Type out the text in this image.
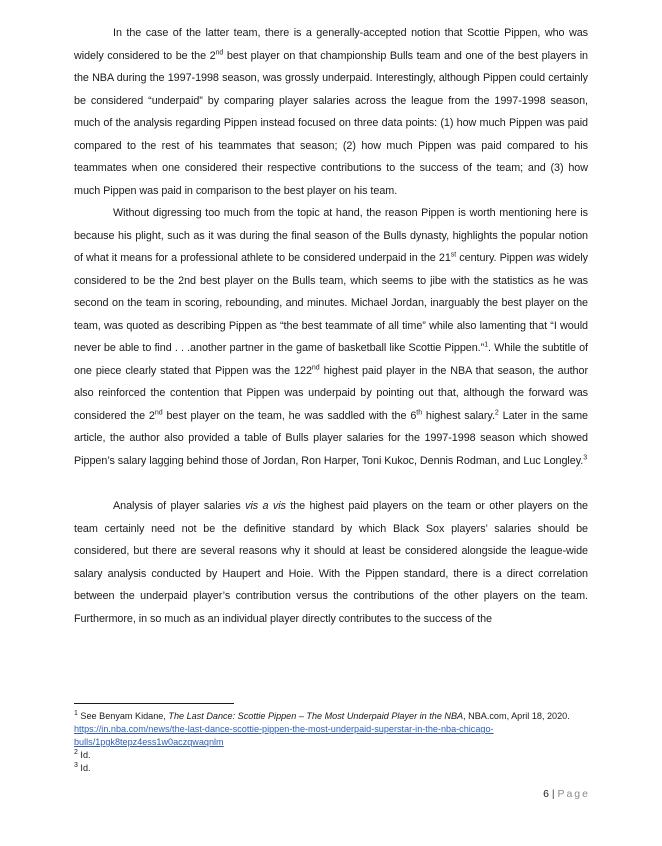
In the case of the latter team, there is a generally-accepted notion that Scottie Pippen, who was widely considered to be the 2nd best player on that championship Bulls team and one of the best players in the NBA during the 1997-1998 season, was grossly underpaid. Interestingly, although Pippen could certainly be considered “underpaid” by comparing player salaries across the league from the 1997-1998 season, much of the analysis regarding Pippen instead focused on three data points: (1) how much Pippen was paid compared to the rest of his teammates that season; (2) how much Pippen was paid compared to his teammates when one considered their respective contributions to the success of the team; and (3) how much Pippen was paid in comparison to the best player on his team.

Without digressing too much from the topic at hand, the reason Pippen is worth mentioning here is because his plight, such as it was during the final season of the Bulls dynasty, highlights the popular notion of what it means for a professional athlete to be considered underpaid in the 21st century. Pippen was widely considered to be the 2nd best player on the Bulls team, which seems to jibe with the statistics as he was second on the team in scoring, rebounding, and minutes. Michael Jordan, inarguably the best player on the team, was quoted as describing Pippen as “the best teammate of all time” while also lamenting that “I would never be able to find . . .another partner in the game of basketball like Scottie Pippen.”$^1$. While the subtitle of one piece clearly stated that Pippen was the 122nd highest paid player in the NBA that season, the author also reinforced the contention that Pippen was underpaid by pointing out that, although the forward was considered the 2nd best player on the team, he was saddled with the 6th highest salary.$^2$ Later in the same article, the author also provided a table of Bulls player salaries for the 1997-1998 season which showed Pippen’s salary lagging behind those of Jordan, Ron Harper, Toni Kukoc, Dennis Rodman, and Luc Longley.$^3$

Analysis of player salaries vis a vis the highest paid players on the team or other players on the team certainly need not be the definitive standard by which Black Sox players’ salaries should be considered, but there are several reasons why it should at least be considered alongside the league-wide salary analysis conducted by Haupert and Hoie. With the Pippen standard, there is a direct correlation between the underpaid player’s contribution versus the contributions of the other players on the team. Furthermore, in so much as an individual player directly contributes to the success of the

$^1$ See Benyam Kidane, The Last Dance: Scottie Pippen – The Most Underpaid Player in the NBA, NBA.com, April 18, 2020. https://in.nba.com/news/the-last-dance-scottie-pippen-the-most-underpaid-superstar-in-the-nba-chicago-bulls/1pgk8tepz4ess1w0aczqwaqnlm

$^2$ Id.

$^3$ Id.

6 | Page
